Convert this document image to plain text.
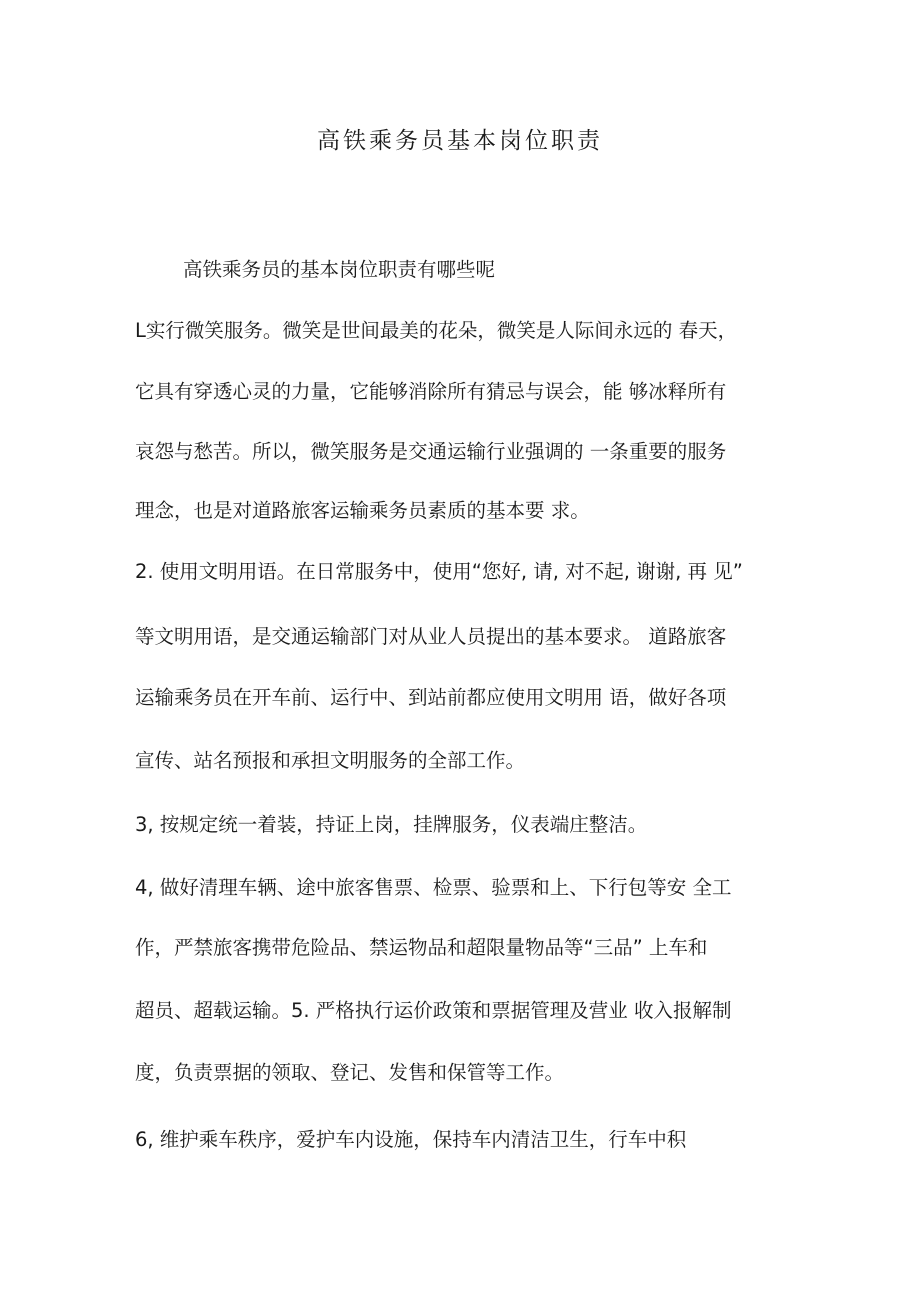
高铁乘务员基本岗位职责
高铁乘务员的基本岗位职责有哪些呢
L实行微笑服务。微笑是世间最美的花朵，微笑是人际间永远的 春天，
它具有穿透心灵的力量，它能够消除所有猜忌与误会，能 够冰释所有
哀怨与愁苦。所以，微笑服务是交通运输行业强调的 一条重要的服务
理念，也是对道路旅客运输乘务员素质的基本要 求。
2. 使用文明用语。在日常服务中，使用“您好, 请, 对不起, 谢谢, 再 见”
等文明用语，是交通运输部门对从业人员提出的基本要求。 道路旅客
运输乘务员在开车前、运行中、到站前都应使用文明用 语，做好各项
宣传、站名预报和承担文明服务的全部工作。
3, 按规定统一着装，持证上岗，挂牌服务，仪表端庄整洁。
4, 做好清理车辆、途中旅客售票、检票、验票和上、下行包等安 全工
作，严禁旅客携带危险品、禁运物品和超限量物品等“三品” 上车和
超员、超载运输。5. 严格执行运价政策和票据管理及营业 收入报解制
度，负责票据的领取、登记、发售和保管等工作。
6, 维护乘车秩序，爱护车内设施，保持车内清洁卫生，行车中积
